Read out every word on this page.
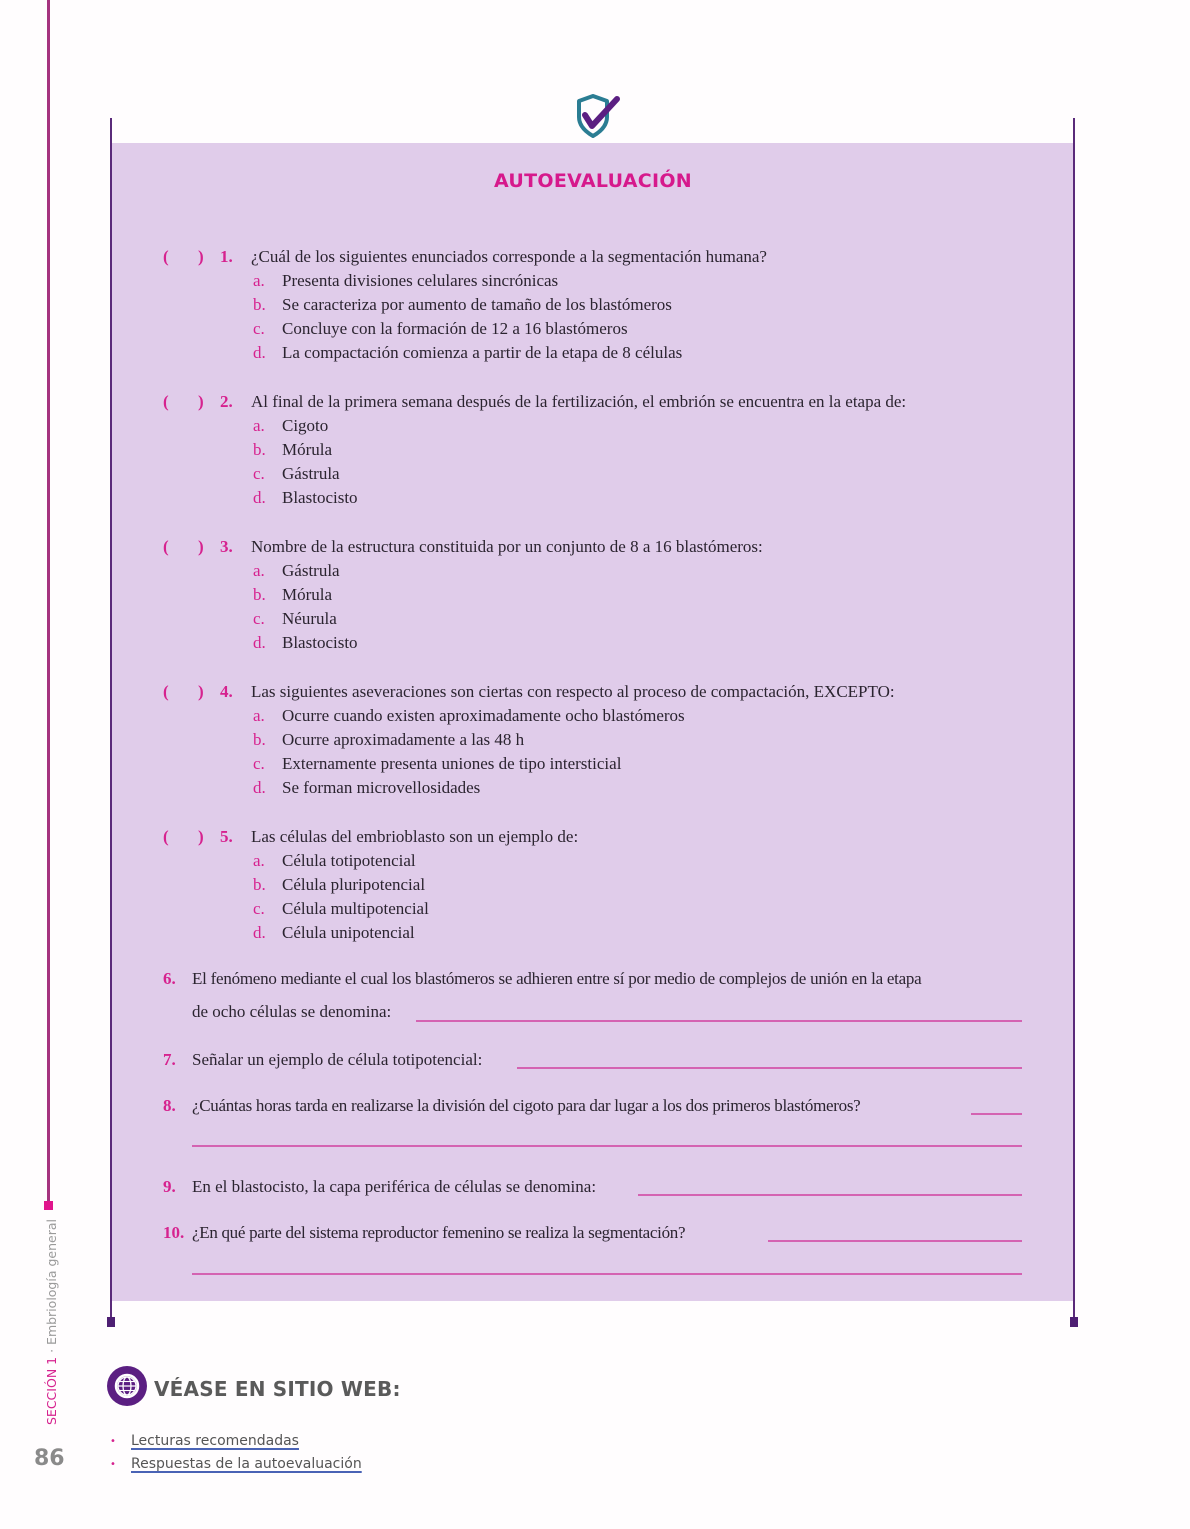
SECCIÓN 1 · Embriología general
86
AUTOEVALUACIÓN
( ) 1. ¿Cuál de los siguientes enunciados corresponde a la segmentación humana?
a. Presenta divisiones celulares sincrónicas
b. Se caracteriza por aumento de tamaño de los blastómeros
c. Concluye con la formación de 12 a 16 blastómeros
d. La compactación comienza a partir de la etapa de 8 células
( ) 2. Al final de la primera semana después de la fertilización, el embrión se encuentra en la etapa de:
a. Cigoto
b. Mórula
c. Gástrula
d. Blastocisto
( ) 3. Nombre de la estructura constituida por un conjunto de 8 a 16 blastómeros:
a. Gástrula
b. Mórula
c. Néurula
d. Blastocisto
( ) 4. Las siguientes aseveraciones son ciertas con respecto al proceso de compactación, EXCEPTO:
a. Ocurre cuando existen aproximadamente ocho blastómeros
b. Ocurre aproximadamente a las 48 h
c. Externamente presenta uniones de tipo intersticial
d. Se forman microvellosidades
( ) 5. Las células del embrioblasto son un ejemplo de:
a. Célula totipotencial
b. Célula pluripotencial
c. Célula multipotencial
d. Célula unipotencial
6. El fenómeno mediante el cual los blastómeros se adhieren entre sí por medio de complejos de unión en la etapa
de ocho células se denomina:
7. Señalar un ejemplo de célula totipotencial:
8. ¿Cuántas horas tarda en realizarse la división del cigoto para dar lugar a los dos primeros blastómeros?
9. En el blastocisto, la capa periférica de células se denomina:
10. ¿En qué parte del sistema reproductor femenino se realiza la segmentación?
VÉASE EN SITIO WEB:
• Lecturas recomendadas
• Respuestas de la autoevaluación
